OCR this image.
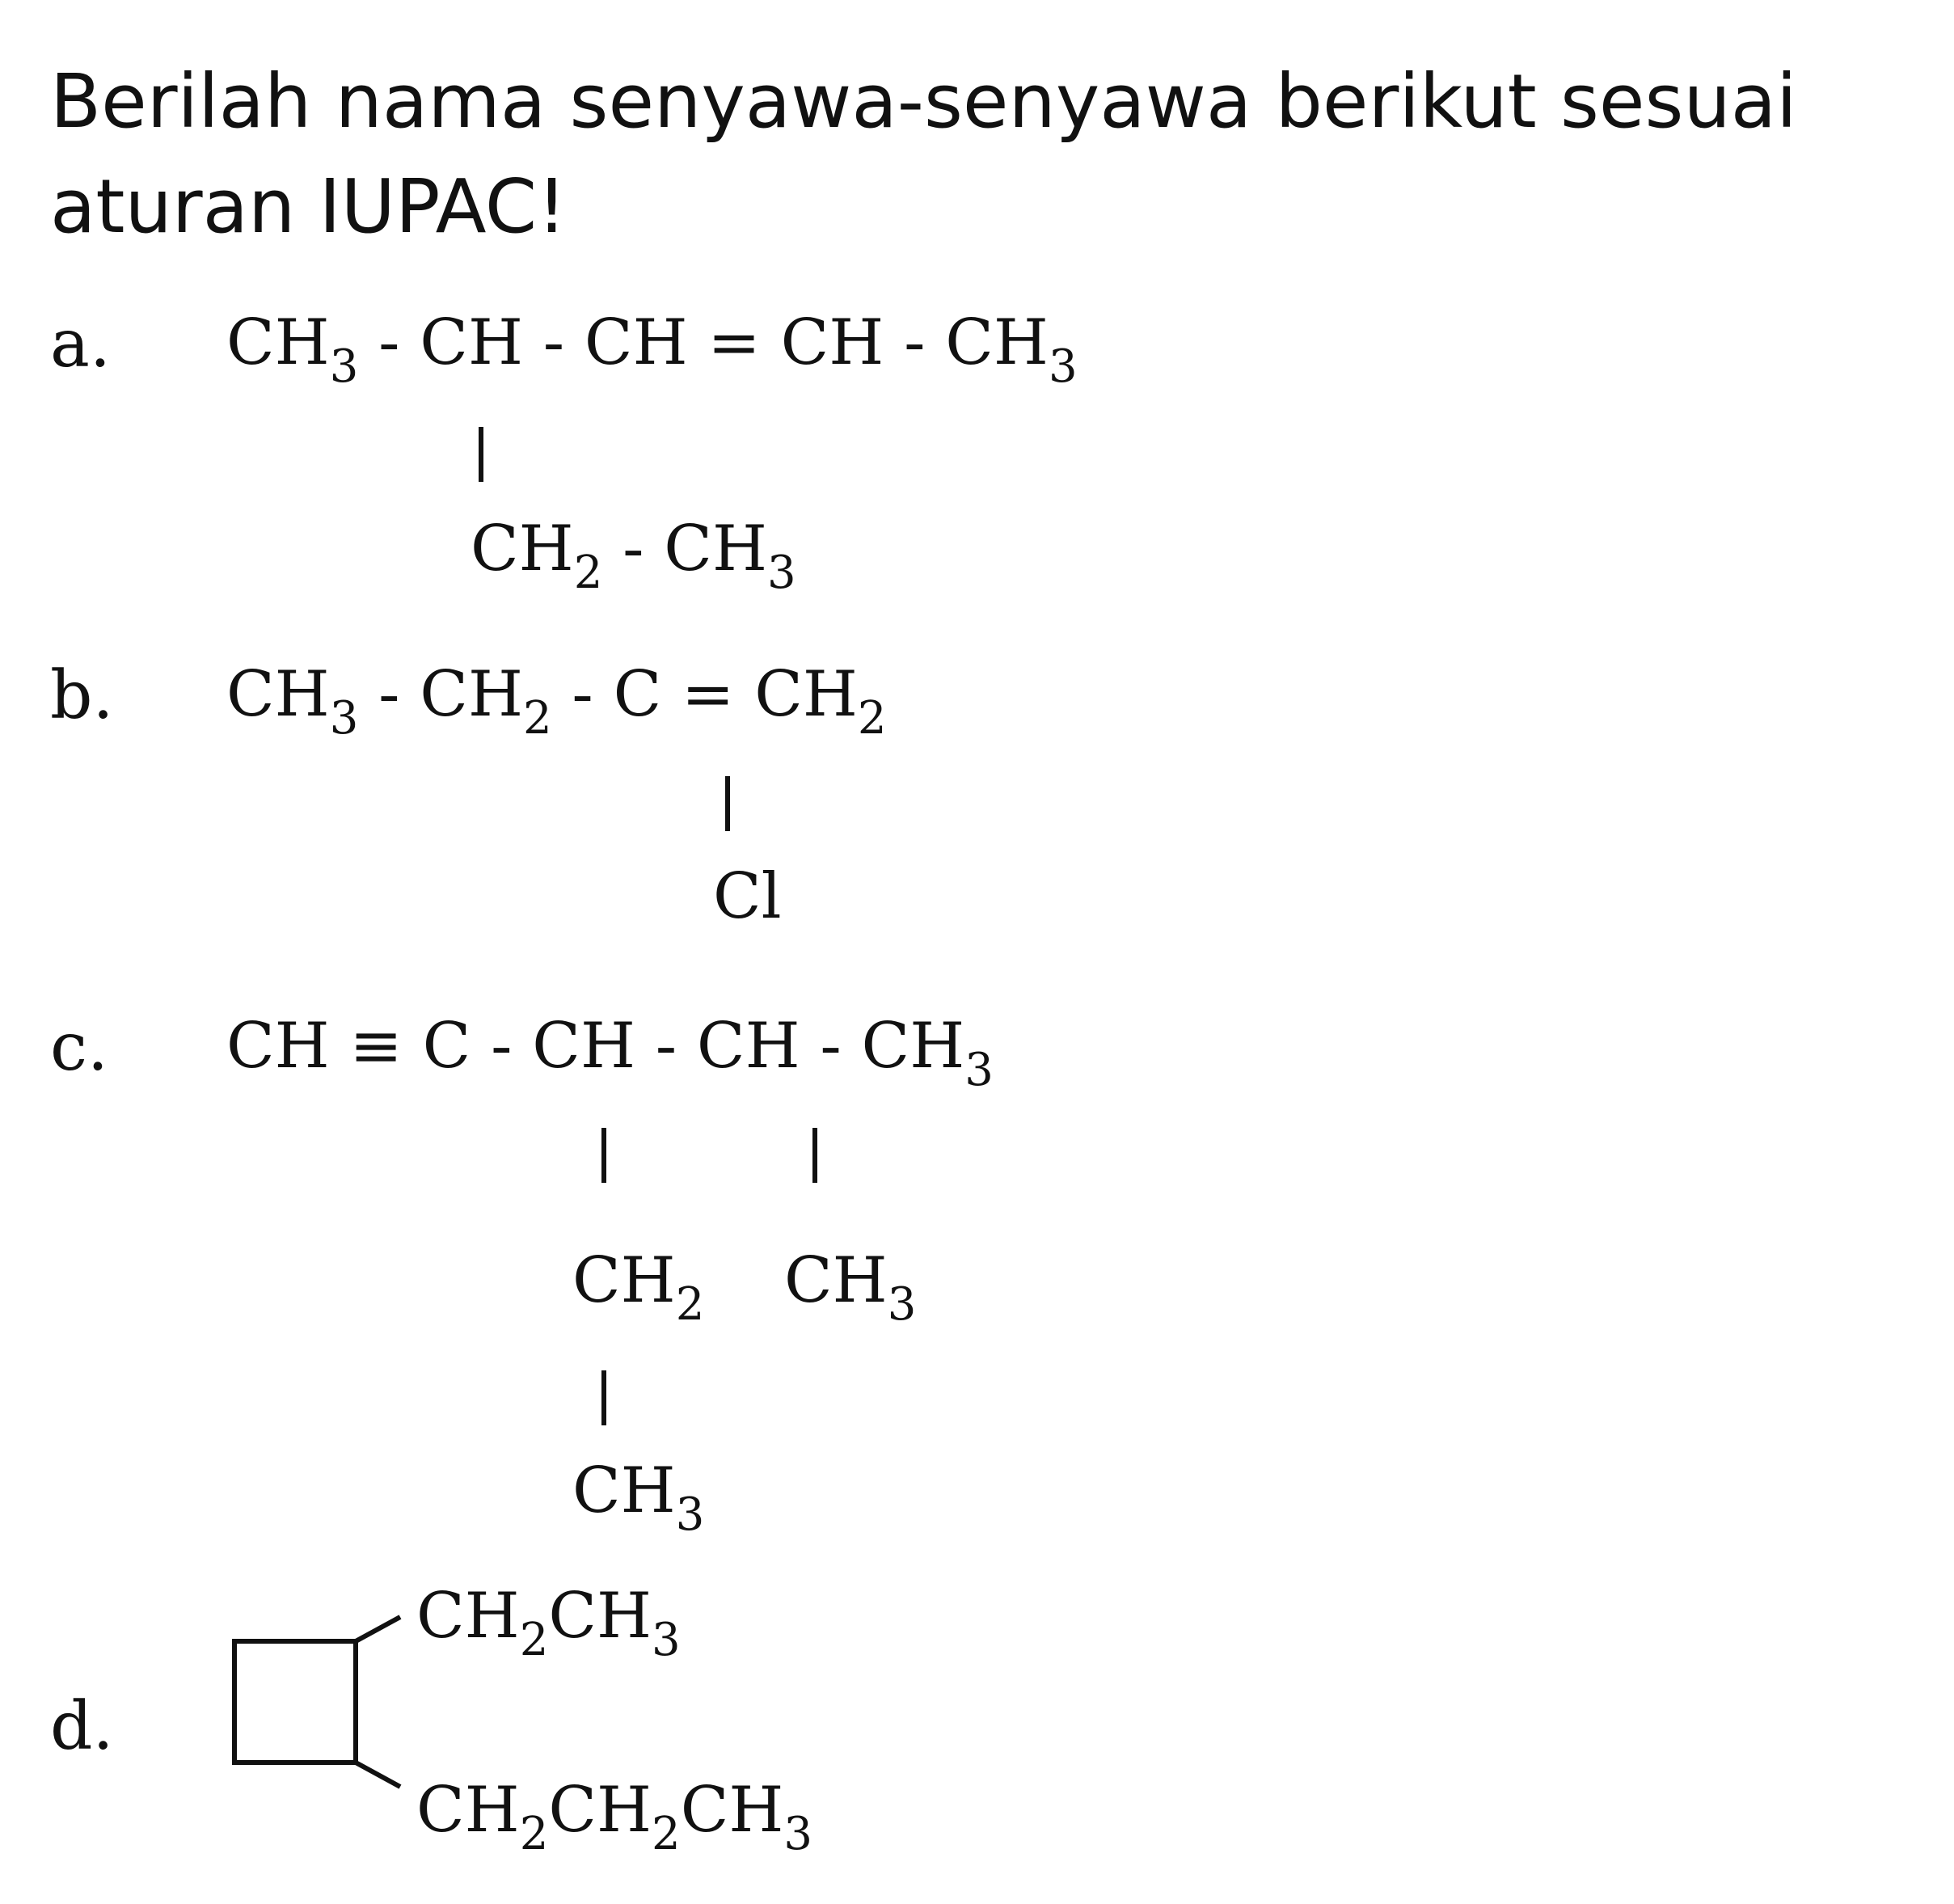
Berilah nama senyawa-senyawa berikut sesuai
aturan IUPAC!
a. $CH_3$ - CH - CH = CH - $CH_3$
$CH_2 - CH_3$
b. $CH_3 - CH_2 - C = CH_2$
Cl
c. CH ≡ C - CH - CH - $CH_3$
$CH_2$ $CH_3$
$CH_3$
d.
$CH_2CH_3$
$CH_2CH_2CH_3$
